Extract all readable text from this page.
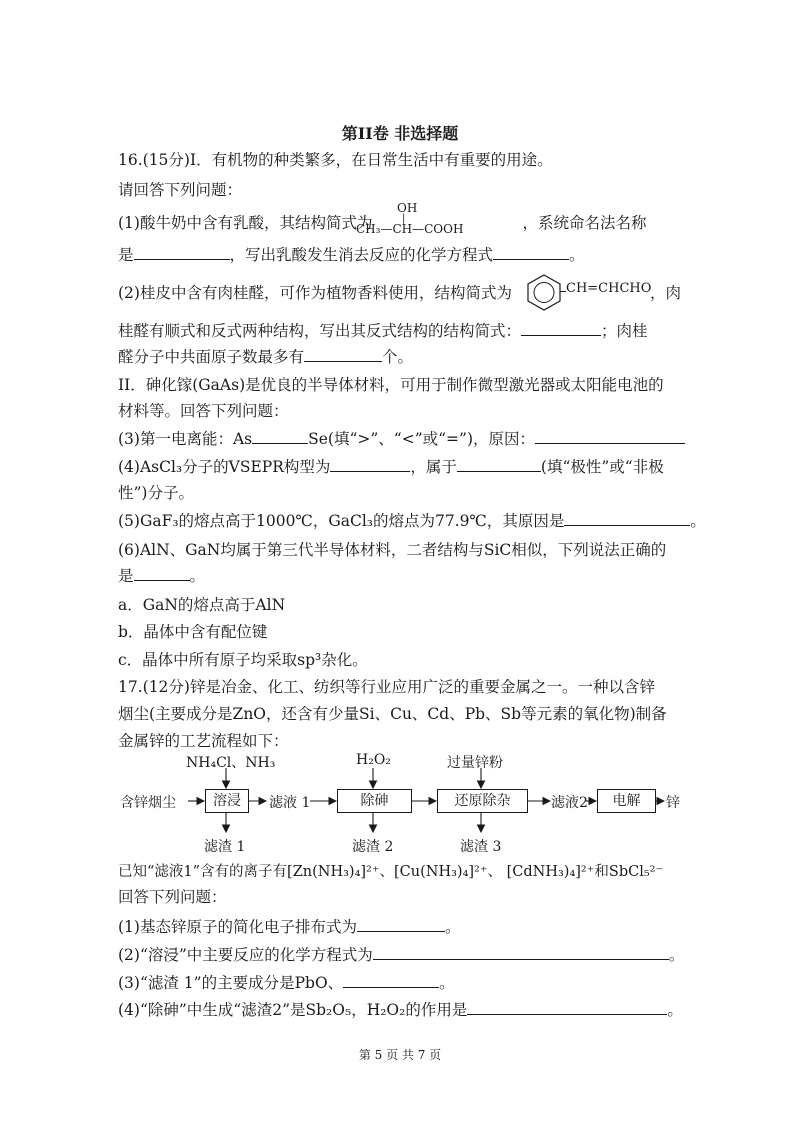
第II卷 非选择题
16.(15分)I．有机物的种类繁多，在日常生活中有重要的用途。
请回答下列问题：
(1)酸牛奶中含有乳酸，其结构简式为	，系统命名法名称
OH
|
CH₃—CH—COOH
是	，写出乳酸发生消去反应的化学方程式	。
(2)桂皮中含有肉桂醛，可作为植物香料使用，结构简式为	，肉
CH=CHCHO
桂醛有顺式和反式两种结构，写出其反式结构的结构简式：	；肉桂
醛分子中共面原子数最多有	个。
II．砷化镓(GaAs)是优良的半导体材料，可用于制作微型激光器或太阳能电池的
材料等。回答下列问题：
(3)第一电离能：As	Se(填“>”、“<”或“=”)，原因：
(4)AsCl₃分子的VSEPR构型为	，属于	(填“极性”或“非极
性”)分子。
(5)GaF₃的熔点高于1000℃，GaCl₃的熔点为77.9℃，其原因是	。
(6)AlN、GaN均属于第三代半导体材料，二者结构与SiC相似，下列说法正确的
是	。
a．GaN的熔点高于AlN
b．晶体中含有配位键
c．晶体中所有原子均采取sp³杂化。
17.(12分)锌是冶金、化工、纺织等行业应用广泛的重要金属之一。一种以含锌
烟尘(主要成分是ZnO，还含有少量Si、Cu、Cd、Pb、Sb等元素的氧化物)制备
金属锌的工艺流程如下：
含锌烟尘
NH₄Cl、NH₃
溶浸	滤液 1
滤渣 1
H₂O₂
除砷
滤渣 2
过量锌粉
还原除杂
滤渣 3
滤液2	电解	锌
已知“滤液1”含有的离子有[Zn(NH₃)₄]²⁺、[Cu(NH₃)₄]²⁺、 [CdNH₃)₄]²⁺和SbCl₅²⁻
回答下列问题：
(1)基态锌原子的简化电子排布式为	。
(2)“溶浸”中主要反应的化学方程式为	。
(3)“滤渣 1”的主要成分是PbO、	。
(4)“除砷”中生成“滤渣2”是Sb₂O₅，H₂O₂的作用是	。
第 5 页 共 7 页
